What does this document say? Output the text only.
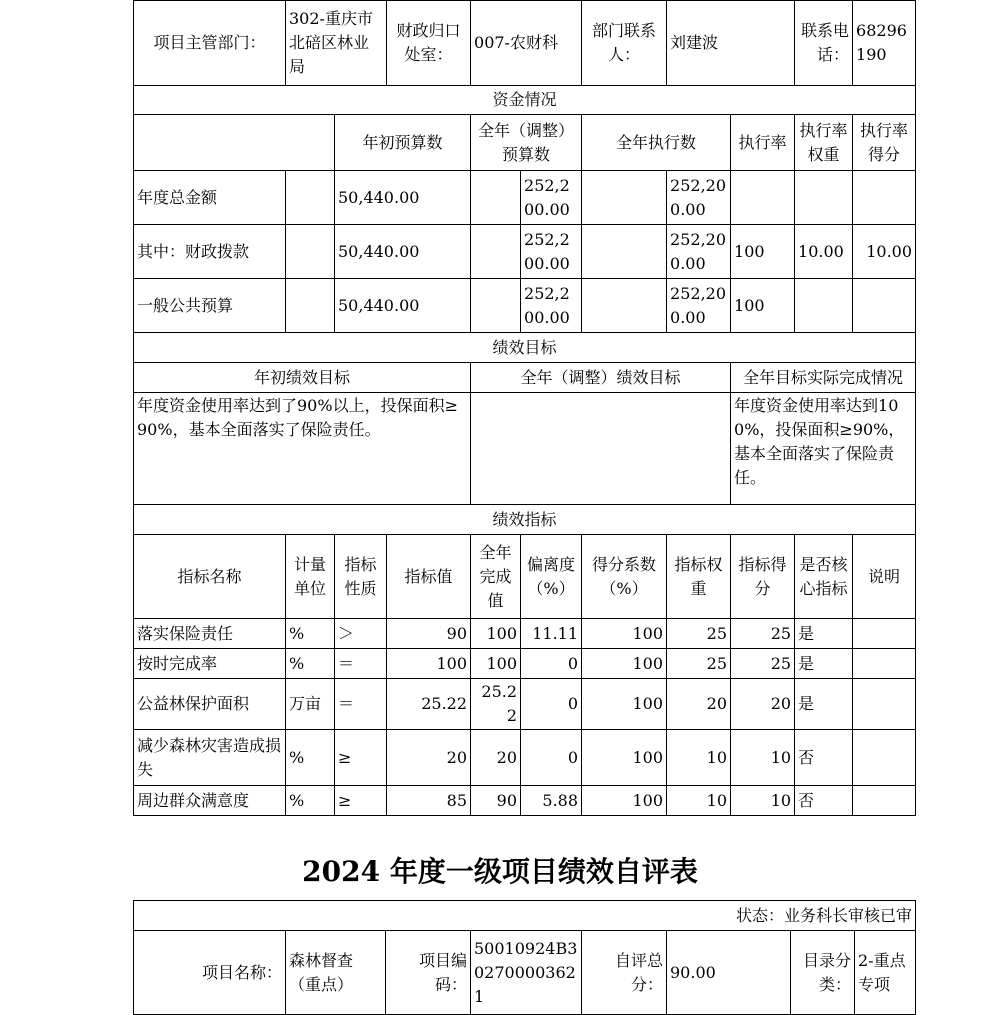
项目主管部门：	302-重庆市北碚区林业局		财政归口处室：	007-农财科		部门联系人：	刘建波		联系电话：	68296190
资金情况										
		年初预算数		全年（调整）预算数		全年执行数		执行率	执行率权重	执行率得分
年度总金额		50,440.00			252,200.00		252,200.00			
其中：财政拨款		50,440.00			252,200.00		252,200.00	100	10.00	10.00
一般公共预算		50,440.00			252,200.00		252,200.00	100		
绩效目标										
年初绩效目标				全年（调整）绩效目标				全年目标实际完成情况		
年度资金使用率达到了90%以上，投保面积≥90%，基本全面落实了保险责任。								年度资金使用率达到100%，投保面积≥90%，基本全面落实了保险责任。		
绩效指标										
指标名称	计量单位	指标性质	指标值	全年完成值	偏离度（%）	得分系数（%）	指标权重	指标得分	是否核心指标	说明
落实保险责任	%	＞	90	100	11.11	100	25	25	是	
按时完成率	%	＝	100	100	0	100	25	25	是	
公益林保护面积	万亩	＝	25.22	25.22	0	100	20	20	是	
减少森林灾害造成损失	%	≥	20	20	0	100	10	10	否	
周边群众满意度	%	≥	85	90	5.88	100	10	10	否	
2024 年度一级项目绩效自评表
状态：业务科长审核已审
项目名称：	森林督查（重点）	项目编码：	50010924B302700003621	自评总分：	90.00	目录分类：	2-重点专项
